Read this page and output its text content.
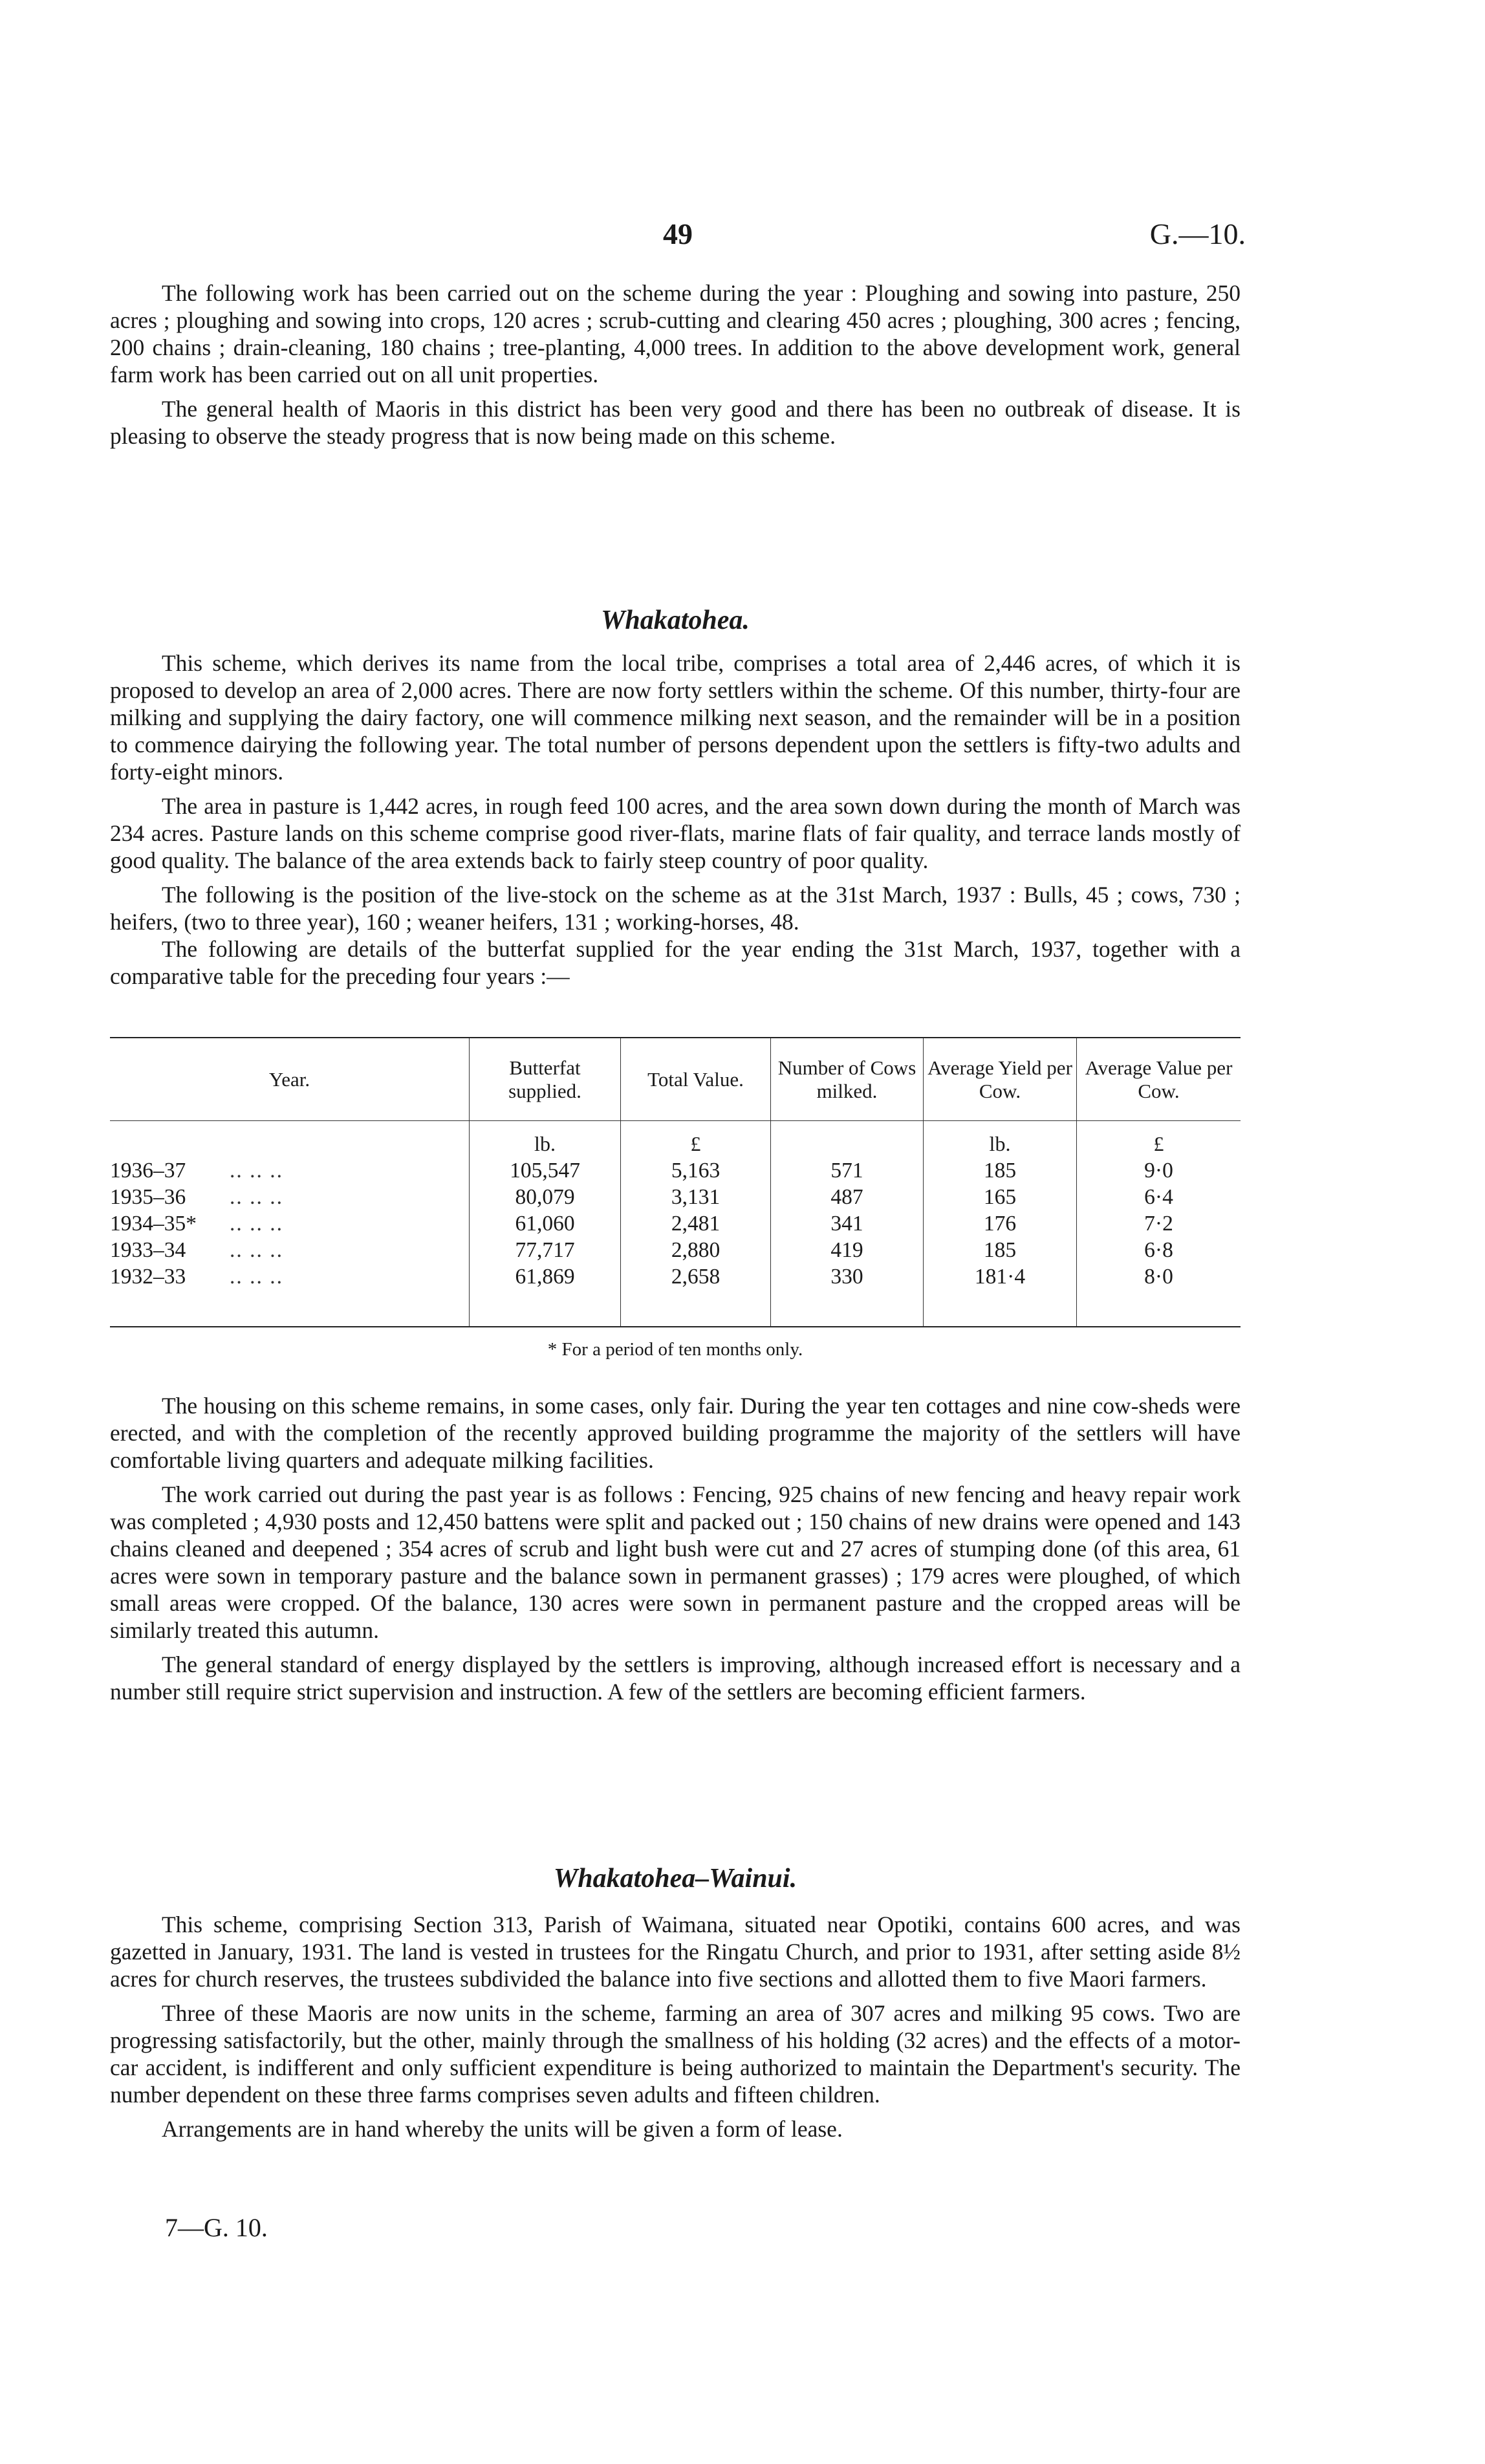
49	G.—10.

The following work has been carried out on the scheme during the year : Ploughing and sowing into pasture, 250 acres ; ploughing and sowing into crops, 120 acres ; scrub-cutting and clearing 450 acres ; ploughing, 300 acres ; fencing, 200 chains ; drain-cleaning, 180 chains ; tree-planting, 4,000 trees. In addition to the above development work, general farm work has been carried out on all unit properties.

The general health of Maoris in this district has been very good and there has been no outbreak of disease. It is pleasing to observe the steady progress that is now being made on this scheme.

Whakatohea.

This scheme, which derives its name from the local tribe, comprises a total area of 2,446 acres, of which it is proposed to develop an area of 2,000 acres. There are now forty settlers within the scheme. Of this number, thirty-four are milking and supplying the dairy factory, one will commence milking next season, and the remainder will be in a position to commence dairying the following year. The total number of persons dependent upon the settlers is fifty-two adults and forty-eight minors.

The area in pasture is 1,442 acres, in rough feed 100 acres, and the area sown down during the month of March was 234 acres. Pasture lands on this scheme comprise good river-flats, marine flats of fair quality, and terrace lands mostly of good quality. The balance of the area extends back to fairly steep country of poor quality.

The following is the position of the live-stock on the scheme as at the 31st March, 1937 : Bulls, 45 ; cows, 730 ; heifers, (two to three year), 160 ; weaner heifers, 131 ; working-horses, 48.

The following are details of the butterfat supplied for the year ending the 31st March, 1937, together with a comparative table for the preceding four years :—

Year.
1936–37 .. .. ..
1935–36 .. .. ..
1934–35* .. .. ..
1933–34 .. .. ..
1932–33 .. .. ..
Butterfat supplied.
lb.
105,547
80,079
61,060
77,717
61,869
Total Value.
£
5,163
3,131
2,481
2,880
2,658
Number of Cows milked.
571
487
341
419
330
Average Yield per Cow.
lb.
185
165
176
185
181·4
Average Value per Cow.
£
9·0
6·4
7·2
6·8
8·0
* For a period of ten months only.

The housing on this scheme remains, in some cases, only fair. During the year ten cottages and nine cow-sheds were erected, and with the completion of the recently approved building programme the majority of the settlers will have comfortable living quarters and adequate milking facilities.

The work carried out during the past year is as follows : Fencing, 925 chains of new fencing and heavy repair work was completed ; 4,930 posts and 12,450 battens were split and packed out ; 150 chains of new drains were opened and 143 chains cleaned and deepened ; 354 acres of scrub and light bush were cut and 27 acres of stumping done (of this area, 61 acres were sown in temporary pasture and the balance sown in permanent grasses) ; 179 acres were ploughed, of which small areas were cropped. Of the balance, 130 acres were sown in permanent pasture and the cropped areas will be similarly treated this autumn.

The general standard of energy displayed by the settlers is improving, although increased effort is necessary and a number still require strict supervision and instruction. A few of the settlers are becoming efficient farmers.

Whakatohea–Wainui.

This scheme, comprising Section 313, Parish of Waimana, situated near Opotiki, contains 600 acres, and was gazetted in January, 1931. The land is vested in trustees for the Ringatu Church, and prior to 1931, after setting aside 8½ acres for church reserves, the trustees subdivided the balance into five sections and allotted them to five Maori farmers.

Three of these Maoris are now units in the scheme, farming an area of 307 acres and milking 95 cows. Two are progressing satisfactorily, but the other, mainly through the smallness of his holding (32 acres) and the effects of a motor-car accident, is indifferent and only sufficient expenditure is being authorized to maintain the Department's security. The number dependent on these three farms comprises seven adults and fifteen children.

Arrangements are in hand whereby the units will be given a form of lease.

7—G. 10.
